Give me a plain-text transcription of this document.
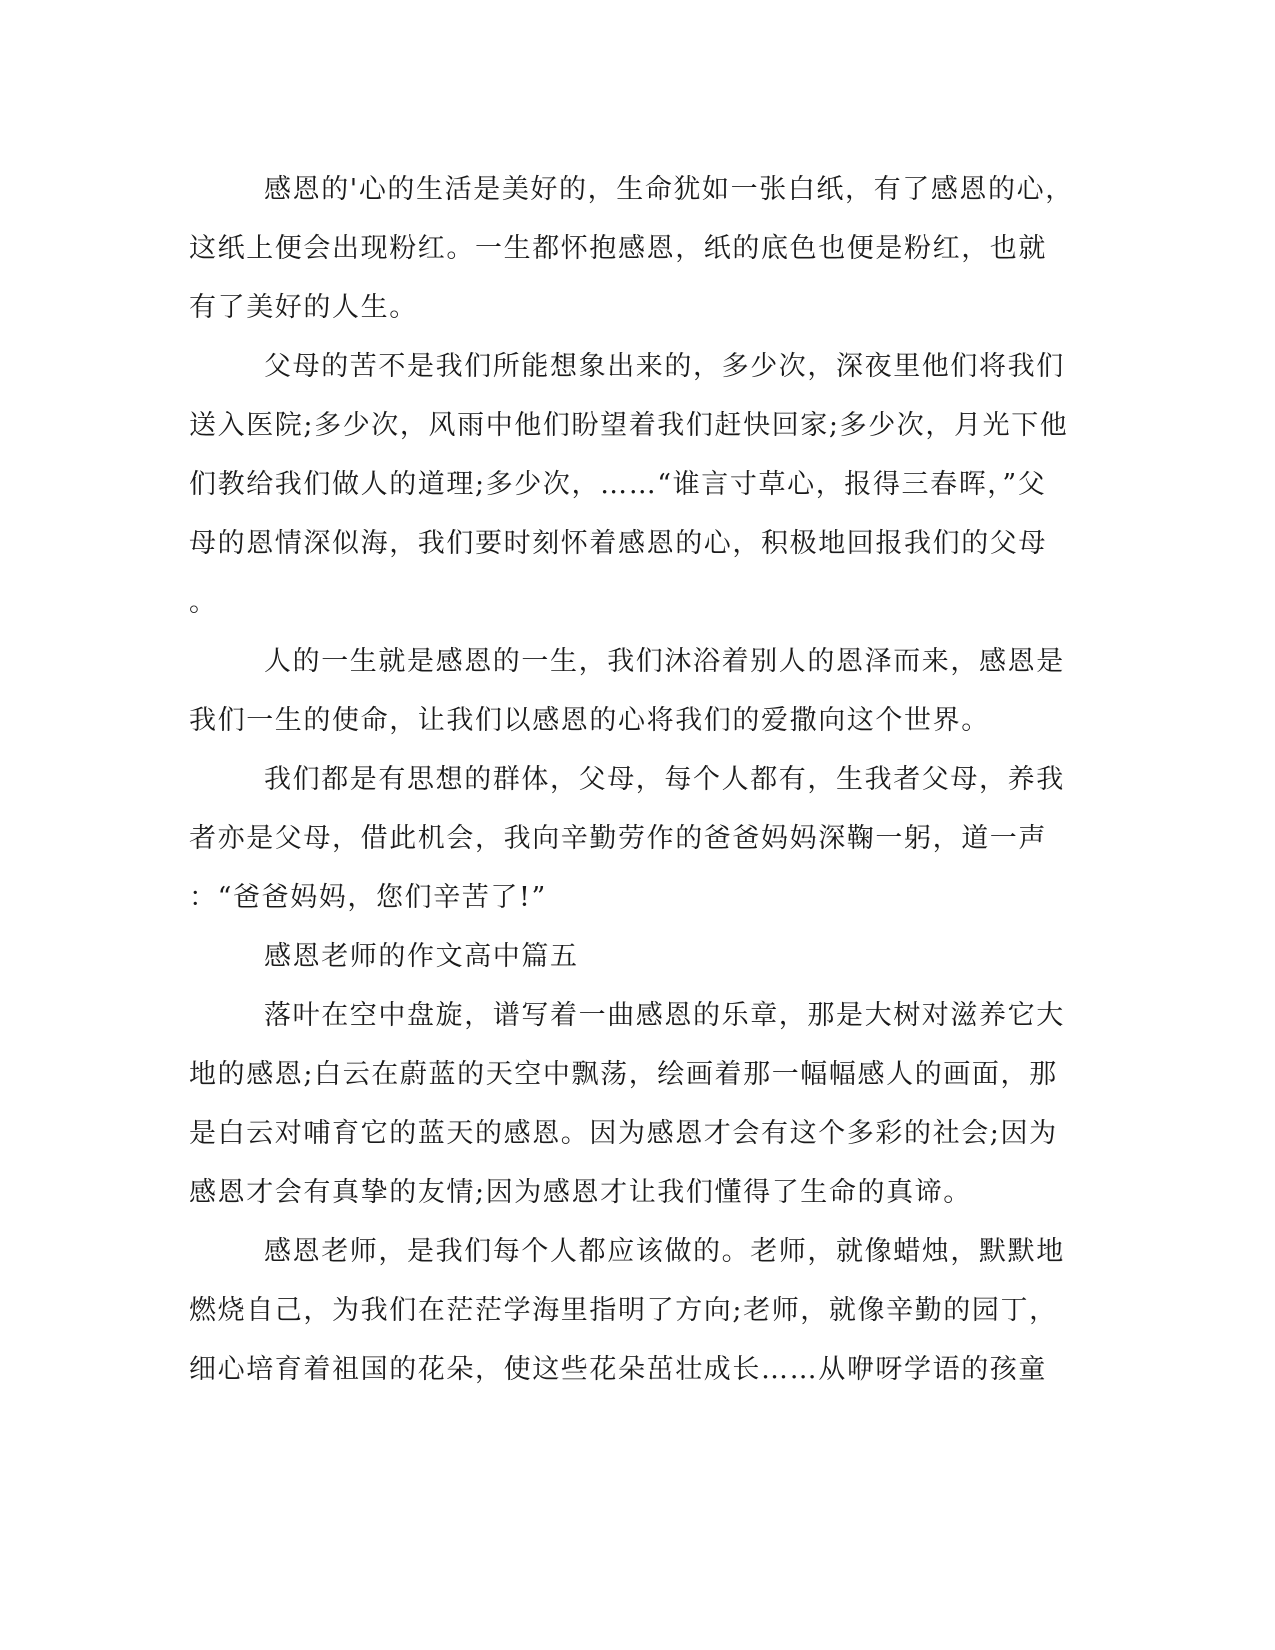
感恩的'心的生活是美好的，生命犹如一张白纸，有了感恩的心，
这纸上便会出现粉红。一生都怀抱感恩，纸的底色也便是粉红，也就
有了美好的人生。
父母的苦不是我们所能想象出来的，多少次，深夜里他们将我们
送入医院;多少次，风雨中他们盼望着我们赶快回家;多少次，月光下他
们教给我们做人的道理;多少次，……“谁言寸草心，报得三春晖，”父
母的恩情深似海，我们要时刻怀着感恩的心，积极地回报我们的父母
。
人的一生就是感恩的一生，我们沐浴着别人的恩泽而来，感恩是
我们一生的使命，让我们以感恩的心将我们的爱撒向这个世界。
我们都是有思想的群体，父母，每个人都有，生我者父母，养我
者亦是父母，借此机会，我向辛勤劳作的爸爸妈妈深鞠一躬，道一声
：“爸爸妈妈，您们辛苦了!”
感恩老师的作文高中篇五
落叶在空中盘旋，谱写着一曲感恩的乐章，那是大树对滋养它大
地的感恩;白云在蔚蓝的天空中飘荡，绘画着那一幅幅感人的画面，那
是白云对哺育它的蓝天的感恩。因为感恩才会有这个多彩的社会;因为
感恩才会有真挚的友情;因为感恩才让我们懂得了生命的真谛。
感恩老师，是我们每个人都应该做的。老师，就像蜡烛，默默地
燃烧自己，为我们在茫茫学海里指明了方向;老师，就像辛勤的园丁，
细心培育着祖国的花朵，使这些花朵茁壮成长……从咿呀学语的孩童
